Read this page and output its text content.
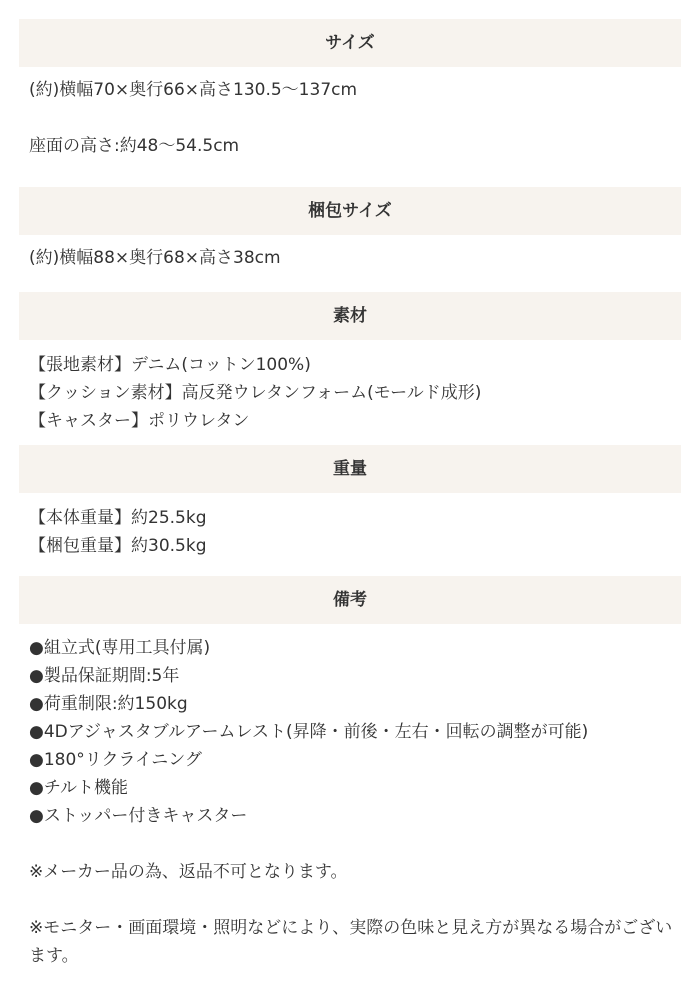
サイズ
(約)横幅70×奥行66×高さ130.5〜137cm
座面の高さ:約48〜54.5cm
梱包サイズ
(約)横幅88×奥行68×高さ38cm
素材
【張地素材】デニム(コットン100%)
【クッション素材】高反発ウレタンフォーム(モールド成形)
【キャスター】ポリウレタン
重量
【本体重量】約25.5kg
【梱包重量】約30.5kg
備考
●組立式(専用工具付属)
●製品保証期間:5年
●荷重制限:約150kg
●4Dアジャスタブルアームレスト(昇降・前後・左右・回転の調整が可能)
●180°リクライニング
●チルト機能
●ストッパー付きキャスター
※メーカー品の為、返品不可となります。
※モニター・画面環境・照明などにより、実際の色味と見え方が異なる場合がございます。
